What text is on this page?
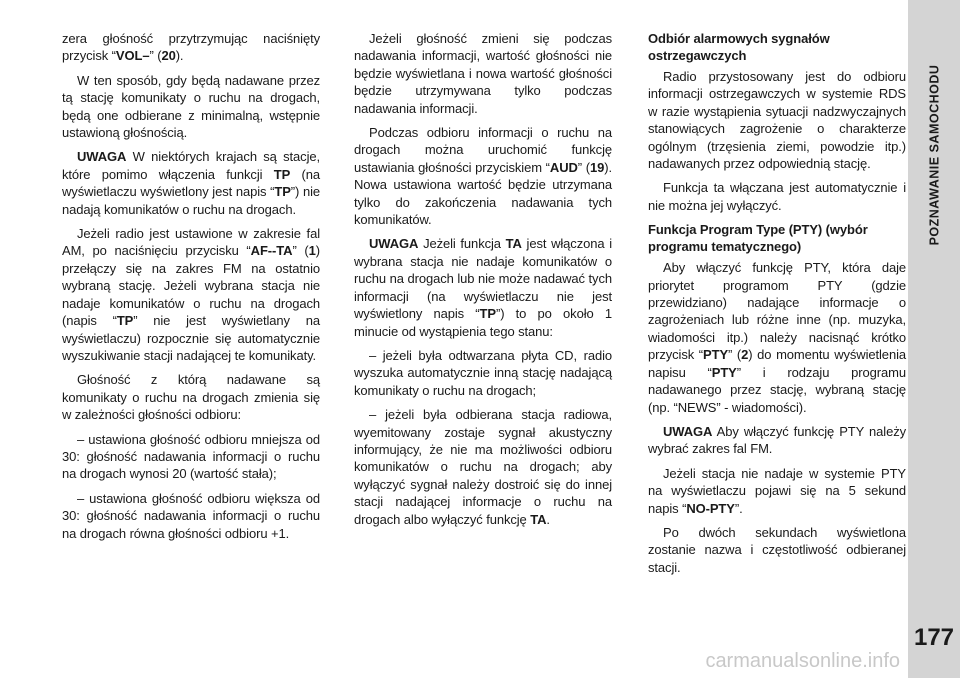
zera głośność przytrzymując naciśnięty przycisk “VOL–” (20).

W ten sposób, gdy będą nadawane przez tą stację komunikaty o ruchu na drogach, będą one odbierane z minimalną, wstępnie ustawioną głośnością.

UWAGA W niektórych krajach są stacje, które pomimo włączenia funkcji TP (na wyświetlaczu wyświetlony jest napis “TP”) nie nadają komunikatów o ruchu na drogach.

Jeżeli radio jest ustawione w zakresie fal AM, po naciśnięciu przycisku “AF--TA” (1) przełączy się na zakres FM na ostatnio wybraną stację. Jeżeli wybrana stacja nie nadaje komunikatów o ruchu na drogach (napis “TP” nie jest wyświetlany na wyświetlaczu) rozpocznie się automatycznie wyszukiwanie stacji nadającej te komunikaty.

Głośność z którą nadawane są komunikaty o ruchu na drogach zmienia się w zależności głośności odbioru:

– ustawiona głośność odbioru mniejsza od 30: głośność nadawania informacji o ruchu na drogach wynosi 20 (wartość stała);

– ustawiona głośność odbioru większa od 30: głośność nadawania informacji o ruchu na drogach równa głośności odbioru +1.

Jeżeli głośność zmieni się podczas nadawania informacji, wartość głośności nie będzie wyświetlana i nowa wartość głośności będzie utrzymywana tylko podczas nadawania informacji.

Podczas odbioru informacji o ruchu na drogach można uruchomić funkcję ustawiania głośności przyciskiem “AUD” (19). Nowa ustawiona wartość będzie utrzymana tylko do zakończenia nadawania tych komunikatów.

UWAGA Jeżeli funkcja TA jest włączona i wybrana stacja nie nadaje komunikatów o ruchu na drogach lub nie może nadawać tych informacji (na wyświetlaczu nie jest wyświetlony napis “TP”) to po około 1 minucie od wystąpienia tego stanu:

– jeżeli była odtwarzana płyta CD, radio wyszuka automatycznie inną stację nadającą komunikaty o ruchu na drogach;

– jeżeli była odbierana stacja radiowa, wyemitowany zostaje sygnał akustyczny informujący, że nie ma możliwości odbioru komunikatów o ruchu na drogach; aby wyłączyć sygnał należy dostroić się do innej stacji nadającej informacje o ruchu na drogach albo wyłączyć funkcję TA.

Odbiór alarmowych sygnałów ostrzegawczych

Radio przystosowany jest do odbioru informacji ostrzegawczych w systemie RDS w razie wystąpienia sytuacji nadzwyczajnych stanowiących zagrożenie o charakterze ogólnym (trzęsienia ziemi, powodzie itp.) nadawanych przez odpowiednią stację.

Funkcja ta włączana jest automatycznie i nie można jej wyłączyć.

Funkcja Program Type (PTY) (wybór programu tematycznego)

Aby włączyć funkcję PTY, która daje priorytet programom PTY (gdzie przewidziano) nadające informacje o zagrożeniach lub różne inne (np. muzyka, wiadomości itp.) należy nacisnąć krótko przycisk “PTY” (2) do momentu wyświetlenia napisu “PTY” i rodzaju programu nadawanego przez stację, wybraną stację (np. “NEWS” - wiadomości).

UWAGA Aby włączyć funkcję PTY należy wybrać zakres fal FM.

Jeżeli stacja nie nadaje w systemie PTY na wyświetlaczu pojawi się na 5 sekund napis “NO-PTY”.

Po dwóch sekundach wyświetlona zostanie nazwa i częstotliwość odbieranej stacji.

POZNAWANIE SAMOCHODU
177
carmanualsonline.info
